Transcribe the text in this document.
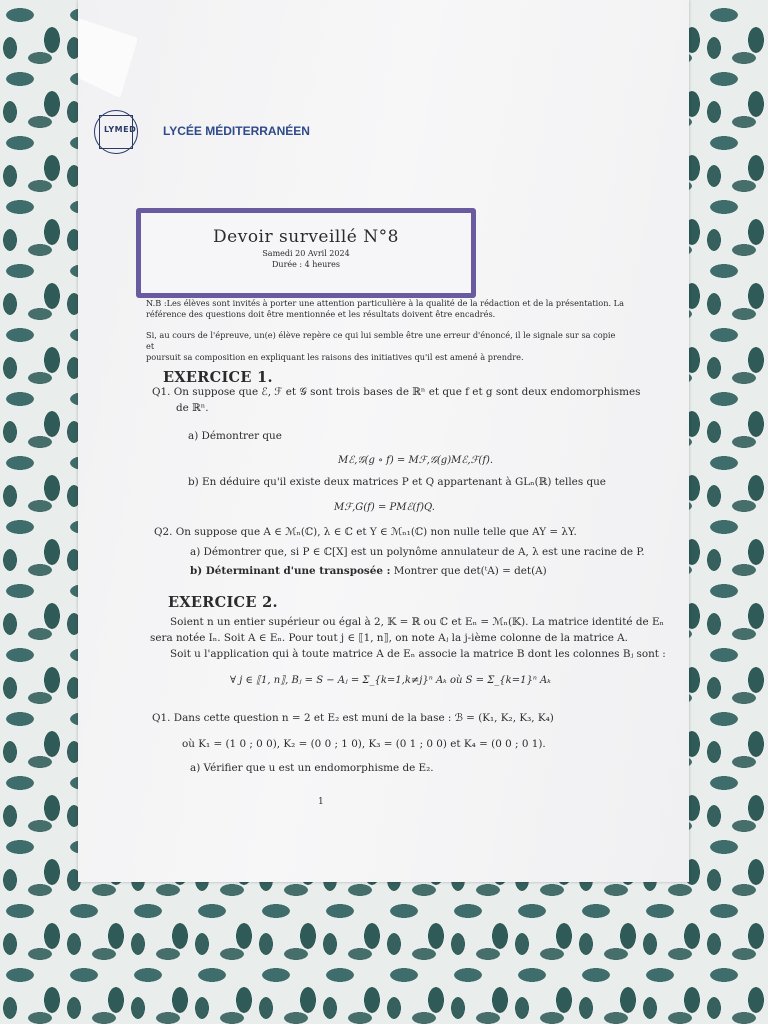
LYMED LYCÉE MÉDITERRANÉEN
Devoir surveillé N°8
Samedi 20 Avril 2024
Durée : 4 heures
N.B :Les élèves sont invités à porter une attention particulière à la qualité de la rédaction et de la présentation. La
référence des questions doit être mentionnée et les résultats doivent être encadrés.
Si, au cours de l'épreuve, un(e) élève repère ce qui lui semble être une erreur d'énoncé, il le signale sur sa copie et
poursuit sa composition en expliquant les raisons des initiatives qu'il est amené à prendre.
EXERCICE 1.
Q1. On suppose que ℰ, ℱ et 𝒢 sont trois bases de ℝⁿ et que f et g sont deux endomorphismes
de ℝⁿ.
a) Démontrer que
Mℰ,𝒢(g ∘ f) = Mℱ,𝒢(g)Mℰ,ℱ(f).
b) En déduire qu'il existe deux matrices P et Q appartenant à GLₙ(ℝ) telles que
Mℱ,G(f) = PMℰ(f)Q.
Q2. On suppose que A ∈ ℳₙ(ℂ), λ ∈ ℂ et Y ∈ ℳₙ₁(ℂ) non nulle telle que AY = λY.
a) Démontrer que, si P ∈ ℂ[X] est un polynôme annulateur de A, λ est une racine de P.
b) Déterminant d'une transposée : Montrer que det(ᵗA) = det(A)
EXERCICE 2.
Soient n un entier supérieur ou égal à 2, 𝕂 = ℝ ou ℂ et Eₙ = ℳₙ(𝕂). La matrice identité de Eₙ
sera notée Iₙ. Soit A ∈ Eₙ. Pour tout j ∈ ⟦1, n⟧, on note Aⱼ la j-ième colonne de la matrice A.
Soit u l'application qui à toute matrice A de Eₙ associe la matrice B dont les colonnes Bⱼ sont :
∀ j ∈ ⟦1, n⟧, Bⱼ = S − Aⱼ = Σ_{k=1,k≠j}ⁿ Aₖ où S = Σ_{k=1}ⁿ Aₖ
Q1. Dans cette question n = 2 et E₂ est muni de la base : ℬ = (K₁, K₂, K₃, K₄)
où K₁ = (1 0 ; 0 0), K₂ = (0 0 ; 1 0), K₃ = (0 1 ; 0 0) et K₄ = (0 0 ; 0 1).
a) Vérifier que u est un endomorphisme de E₂.
1
